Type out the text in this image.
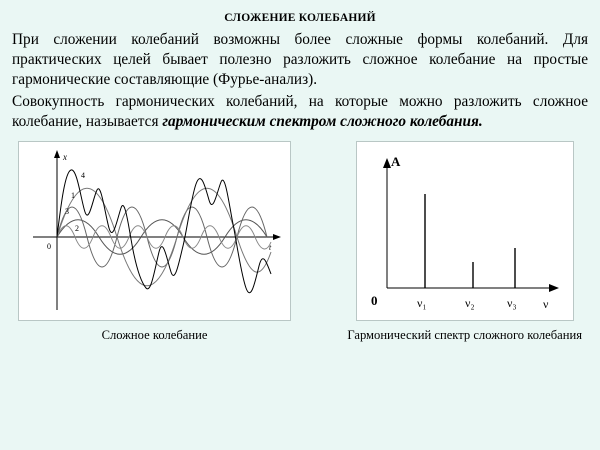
СЛОЖЕНИЕ КОЛЕБАНИЙ

При сложении колебаний возможны более сложные формы колебаний. Для практических целей бывает полезно разложить сложное колебание на простые гармонические составляющие (Фурье-анализ).

Совокупность гармонических колебаний, на которые можно разложить сложное колебание, называется гармоническим спектром сложного колебания.

x
t
0
4
1
3
2
Сложное колебание
A
ν
0	ν₁	ν₂	ν₃
Гармонический спектр сложного колебания
